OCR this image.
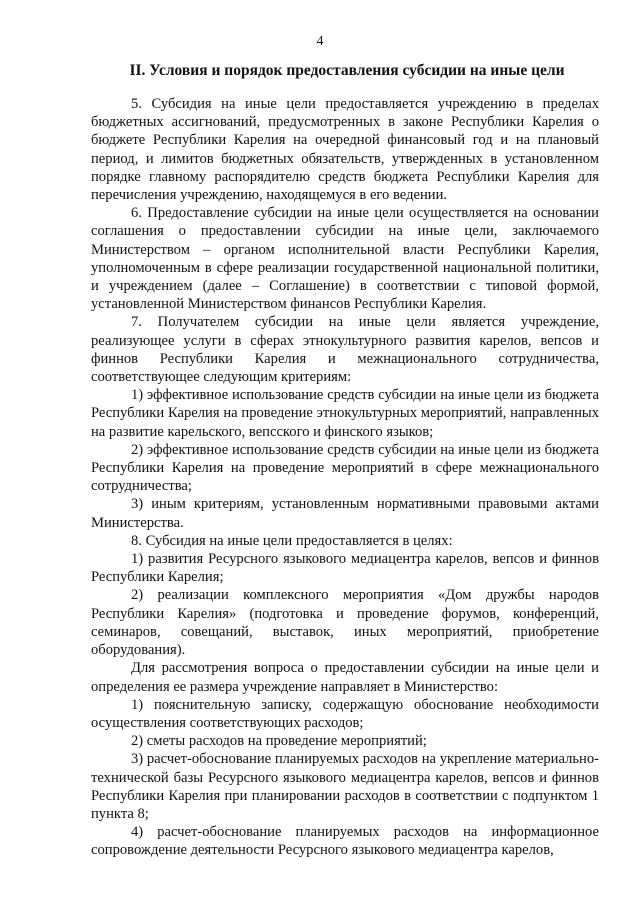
4
II. Условия и порядок предоставления субсидии на иные цели

5. Субсидия на иные цели предоставляется учреждению в пределах бюджетных ассигнований, предусмотренных в законе Республики Карелия о бюджете Республики Карелия на очередной финансовый год и на плановый период, и лимитов бюджетных обязательств, утвержденных в установленном порядке главному распорядителю средств бюджета Республики Карелия для перечисления учреждению, находящемуся в его ведении.

6. Предоставление субсидии на иные цели осуществляется на основании соглашения о предоставлении субсидии на иные цели, заключаемого Министерством – органом исполнительной власти Республики Карелия, уполномоченным в сфере реализации государственной национальной политики, и учреждением (далее – Соглашение) в соответствии с типовой формой, установленной Министерством финансов Республики Карелия.

7. Получателем субсидии на иные цели является учреждение, реализующее услуги в сферах этнокультурного развития карелов, вепсов и финнов Республики Карелия и межнационального сотрудничества, соответствующее следующим критериям:

1) эффективное использование средств субсидии на иные цели из бюджета Республики Карелия на проведение этнокультурных мероприятий, направленных на развитие карельского, вепсского и финского языков;

2) эффективное использование средств субсидии на иные цели из бюджета Республики Карелия на проведение мероприятий в сфере межнационального сотрудничества;

3) иным критериям, установленным нормативными правовыми актами Министерства.

8. Субсидия на иные цели предоставляется в целях:

1) развития Ресурсного языкового медиацентра карелов, вепсов и финнов Республики Карелия;

2) реализации комплексного мероприятия «Дом дружбы народов Республики Карелия» (подготовка и проведение форумов, конференций, семинаров, совещаний, выставок, иных мероприятий, приобретение оборудования).

Для рассмотрения вопроса о предоставлении субсидии на иные цели и определения ее размера учреждение направляет в Министерство:

1) пояснительную записку, содержащую обоснование необходимости осуществления соответствующих расходов;

2) сметы расходов на проведение мероприятий;

3) расчет-обоснование планируемых расходов на укрепление материально-технической базы Ресурсного языкового медиацентра карелов, вепсов и финнов Республики Карелия при планировании расходов в соответствии с подпунктом 1 пункта 8;

4) расчет-обоснование планируемых расходов на информационное сопровождение деятельности Ресурсного языкового медиацентра карелов,
